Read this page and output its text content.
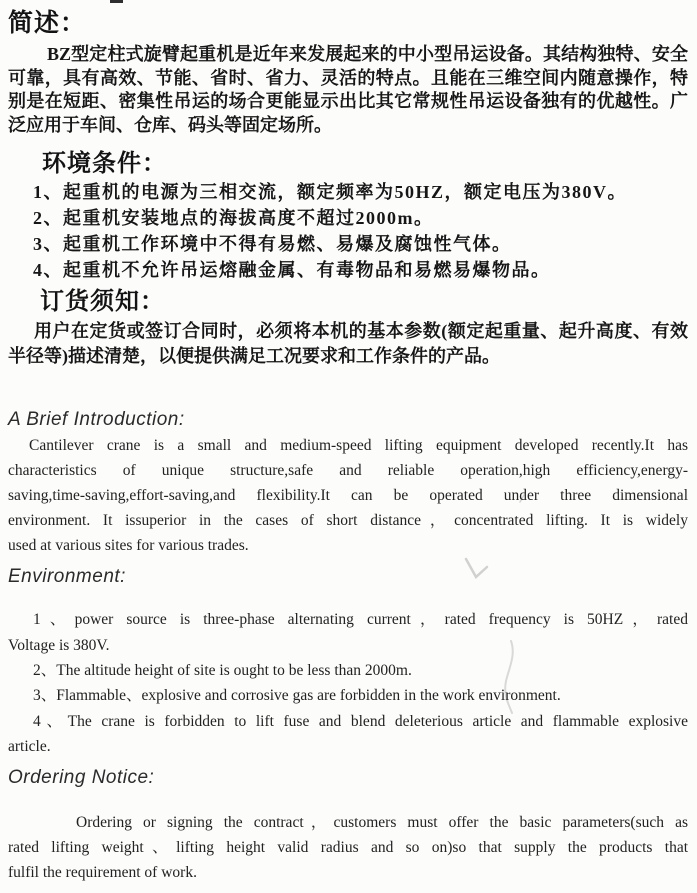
简述：
BZ型定柱式旋臂起重机是近年来发展起来的中小型吊运设备。其结构独特、安全
可靠，具有高效、节能、省时、省力、灵活的特点。且能在三维空间内随意操作，特
别是在短距、密集性吊运的场合更能显示出比其它常规性吊运设备独有的优越性。广
泛应用于车间、仓库、码头等固定场所。
环境条件：
1、起重机的电源为三相交流，额定频率为50HZ，额定电压为380V。
2、起重机安装地点的海拔高度不超过2000m。
3、起重机工作环境中不得有易燃、易爆及腐蚀性气体。
4、起重机不允许吊运熔融金属、有毒物品和易燃易爆物品。
订货须知：
用户在定货或签订合同时，必须将本机的基本参数(额定起重量、起升高度、有效
半径等)描述清楚，以便提供满足工况要求和工作条件的产品。
A Brief Introduction:
Cantilever crane is a small and medium-speed lifting equipment developed recently.It has
characteristics of unique structure,safe and reliable operation,high efficiency,energy-
saving,time-saving,effort-saving,and flexibility.It can be operated under three dimensional
environment. It issuperior in the cases of short distance，concentrated lifting. It is widely
used at various sites for various trades.
Environment:
1、power source is three-phase alternating current，rated frequency is 50HZ，rated
Voltage is 380V.
2、The altitude height of site is ought to be less than 2000m.
3、Flammable、explosive and corrosive gas are forbidden in the work environment.
4、The crane is forbidden to lift fuse and blend deleterious article and flammable explosive
article.
Ordering Notice:
Ordering or signing the contract，customers must offer the basic parameters(such as
rated lifting weight、lifting height valid radius and so on)so that supply the products that
fulfil the requirement of work.
